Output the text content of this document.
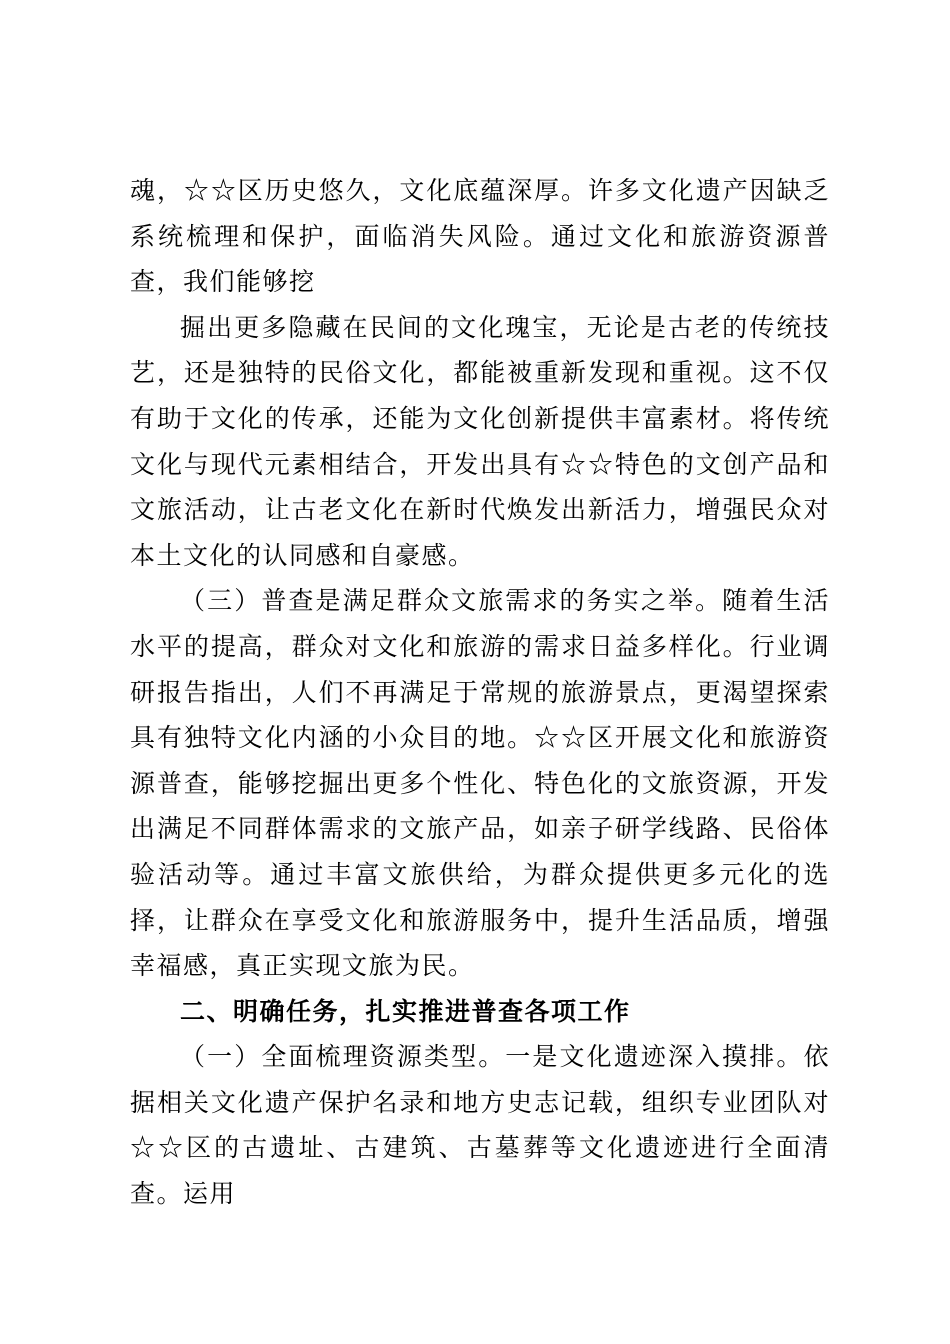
魂，☆☆区历史悠久，文化底蕴深厚。许多文化遗产因缺乏系统梳理和保护，面临消失风险。通过文化和旅游资源普查，我们能够挖

掘出更多隐藏在民间的文化瑰宝，无论是古老的传统技艺，还是独特的民俗文化，都能被重新发现和重视。这不仅有助于文化的传承，还能为文化创新提供丰富素材。将传统文化与现代元素相结合，开发出具有☆☆特色的文创产品和文旅活动，让古老文化在新时代焕发出新活力，增强民众对本土文化的认同感和自豪感。

（三）普查是满足群众文旅需求的务实之举。随着生活水平的提高，群众对文化和旅游的需求日益多样化。行业调研报告指出，人们不再满足于常规的旅游景点，更渴望探索具有独特文化内涵的小众目的地。☆☆区开展文化和旅游资源普查，能够挖掘出更多个性化、特色化的文旅资源，开发出满足不同群体需求的文旅产品，如亲子研学线路、民俗体验活动等。通过丰富文旅供给，为群众提供更多元化的选择，让群众在享受文化和旅游服务中，提升生活品质，增强幸福感，真正实现文旅为民。

二、明确任务，扎实推进普查各项工作

（一）全面梳理资源类型。一是文化遗迹深入摸排。依据相关文化遗产保护名录和地方史志记载，组织专业团队对☆☆区的古遗址、古建筑、古墓葬等文化遗迹进行全面清查。运用
